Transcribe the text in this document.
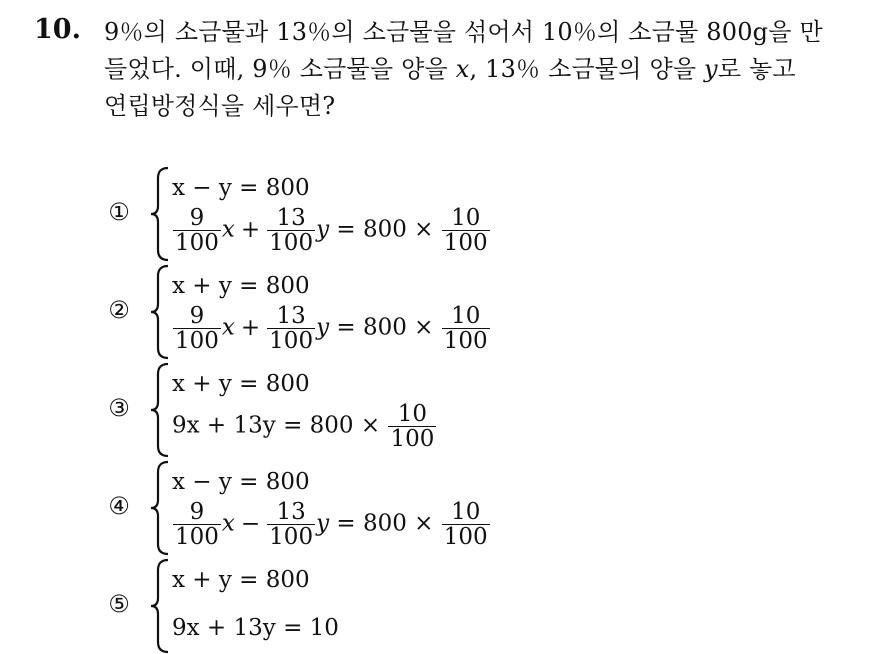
10. 9％의 소금물과 13％의 소금물을 섞어서 10％의 소금물 800g을 만
들었다. 이때, 9％ 소금물을 양을 x, 13％ 소금물의 양을 y로 놓고
연립방정식을 세우면?
①
x − y = 800
$\frac{9}{100}$ $x + \frac{13}{100}$ $y = 800 \times \frac{10}{100}$
②
x + y = 800
$\frac{9}{100}$ $x + \frac{13}{100}$ $y = 800 \times \frac{10}{100}$
③
x + y = 800
$9x + 13y = 800 \times \frac{10}{100}$
④
x − y = 800
$\frac{9}{100}$ $x - \frac{13}{100}$ $y = 800 \times \frac{10}{100}$
⑤
x + y = 800
9x + 13y = 10
